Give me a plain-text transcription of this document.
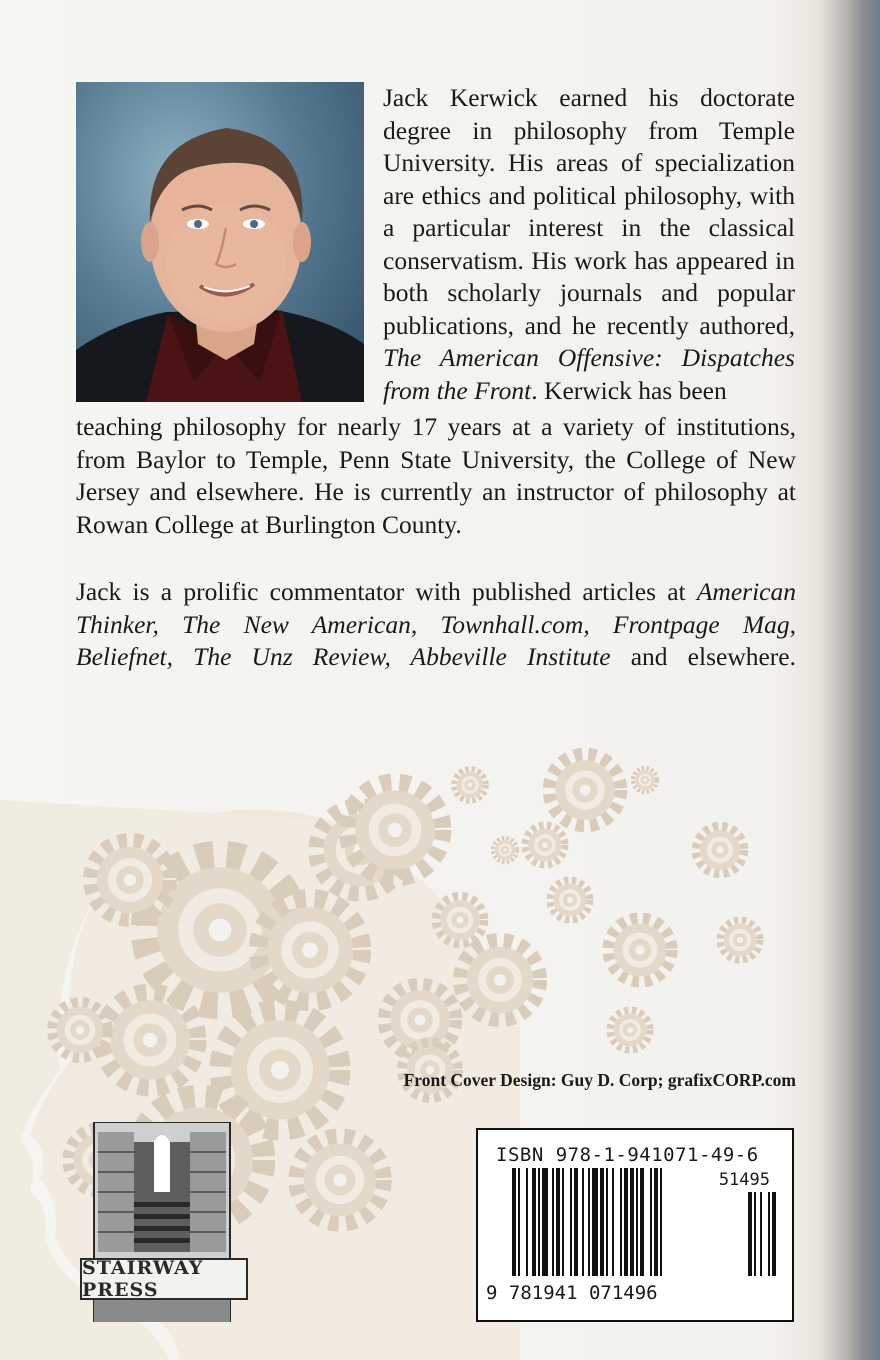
Jack Kerwick earned his doctorate degree in philosophy from Temple University. His areas of specialization are ethics and political philosophy, with a particular interest in the classical conservatism. His work has appeared in both scholarly journals and popular publications, and he recently authored, The American Offensive: Dispatches from the Front. Kerwick has been

teaching philosophy for nearly 17 years at a variety of institutions, from Baylor to Temple, Penn State University, the College of New Jersey and elsewhere. He is currently an instructor of philosophy at Rowan College at Burlington County.

Jack is a prolific commentator with published articles at American Thinker, The New American, Townhall.com, Frontpage Mag, Beliefnet, The Unz Review, Abbeville Institute and elsewhere.

Front Cover Design: Guy D. Corp; grafixCORP.com
STAIRWAY PRESS
ISBN 978-1-941071-49-6
51495
9 781941 071496
